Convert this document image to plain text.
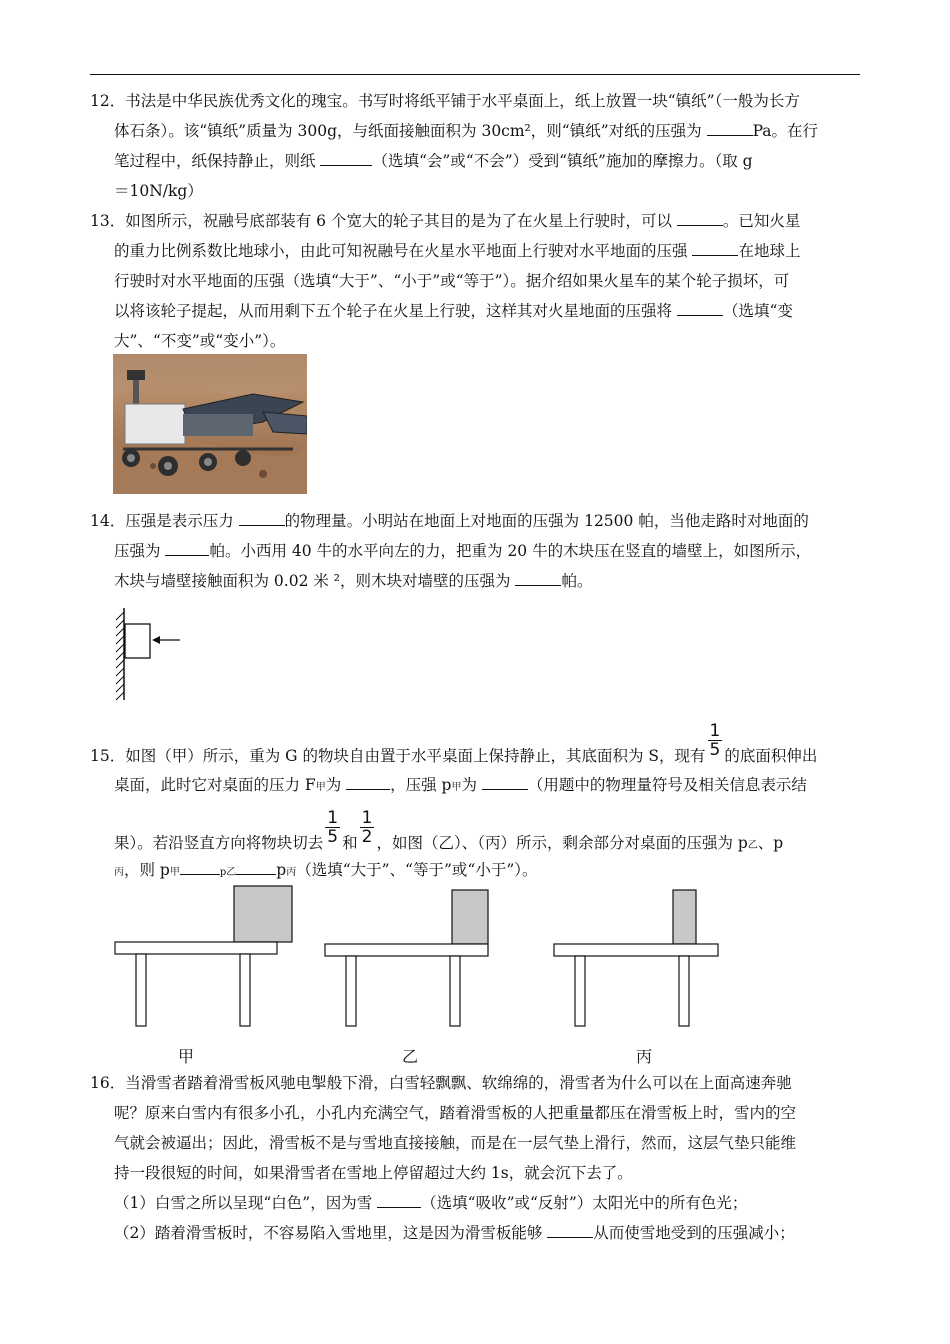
12．书法是中华民族优秀文化的瑰宝。书写时将纸平铺于水平桌面上，纸上放置一块“镇纸”（一般为长方

体石条）。该“镇纸”质量为 300g，与纸面接触面积为 30cm²，则“镇纸”对纸的压强为	Pa。在行

笔过程中，纸保持静止，则纸	（选填“会”或“不会”）受到“镇纸”施加的摩擦力。（取 g

＝10N/kg）

13．如图所示，祝融号底部装有 6 个宽大的轮子其目的是为了在火星上行驶时，可以	。已知火星

的重力比例系数比地球小，由此可知祝融号在火星水平地面上行驶对水平地面的压强	在地球上

行驶时对水平地面的压强（选填“大于”、“小于”或“等于”）。据介绍如果火星车的某个轮子损坏，可

以将该轮子提起，从而用剩下五个轮子在火星上行驶，这样其对火星地面的压强将	（选填“变

大”、“不变”或“变小”）。

14．压强是表示压力	的物理量。小明站在地面上对地面的压强为 12500 帕，当他走路时对地面的

压强为	帕。小西用 40 牛的水平向左的力，把重为 20 牛的木块压在竖直的墙壁上，如图所示，

木块与墙壁接触面积为 0.02 米 ²，则木块对墙壁的压强为	帕。

15．如图（甲）所示，重为 G 的物块自由置于水平桌面上保持静止，其底面积为 S，现有 $\frac{1}{5}$ 的底面积伸出

桌面，此时它对桌面的压力 F甲为	，压强 p甲为	（用题中的物理量符号及相关信息表示结

果）。若沿竖直方向将物块切去 $\frac{1}{5}$ 和 $\frac{1}{2}$ ，如图（乙）、（丙）所示，剩余部分对桌面的压强为 $p_乙$、p

丙，则 p甲	p乙	p丙（选填“大于”、“等于”或“小于”）。

甲	乙	丙

16．当滑雪者踏着滑雪板风驰电掣般下滑，白雪轻飘飘、软绵绵的，滑雪者为什么可以在上面高速奔驰

呢？原来白雪内有很多小孔，小孔内充满空气，踏着滑雪板的人把重量都压在滑雪板上时，雪内的空

气就会被逼出；因此，滑雪板不是与雪地直接接触，而是在一层气垫上滑行，然而，这层气垫只能维

持一段很短的时间，如果滑雪者在雪地上停留超过大约 1s，就会沉下去了。

（1）白雪之所以呈现“白色”，因为雪	（选填“吸收”或“反射”）太阳光中的所有色光；

（2）踏着滑雪板时，不容易陷入雪地里，这是因为滑雪板能够	从而使雪地受到的压强减小；
